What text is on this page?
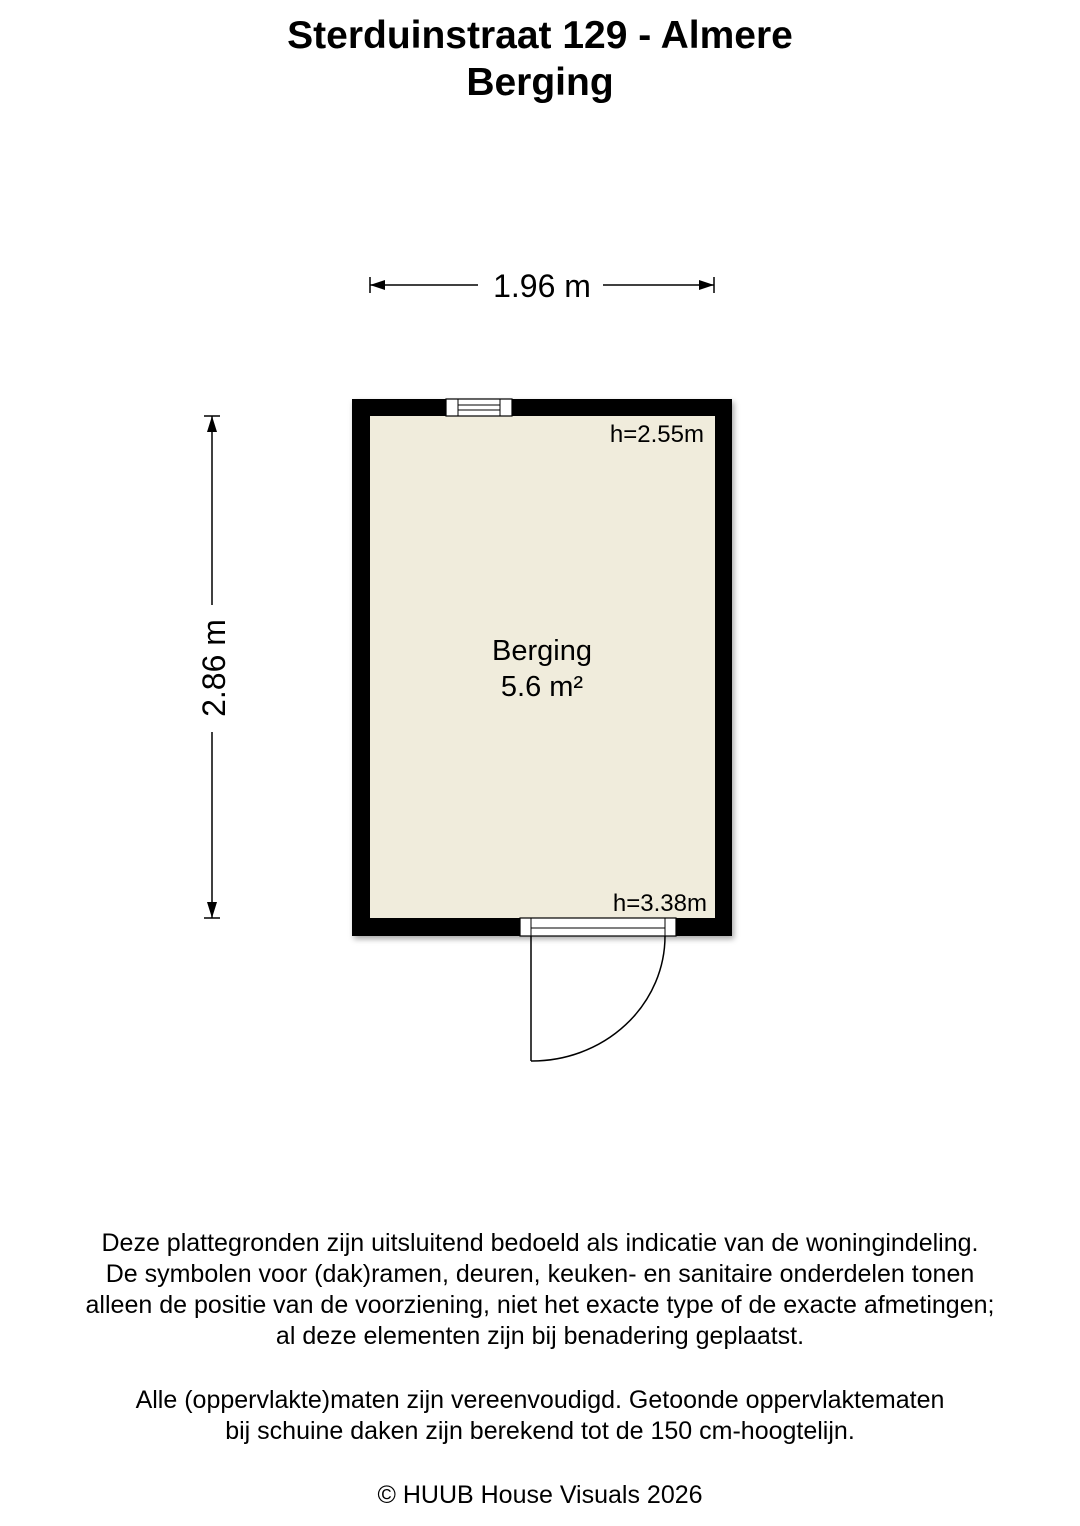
Sterduinstraat 129 - Almere
Berging
1.96 m
2.86 m	Berging
5.6 m²
h=2.55m
h=3.38m

Deze plattegronden zijn uitsluitend bedoeld als indicatie van de woningindeling.
De symbolen voor (dak)ramen, deuren, keuken- en sanitaire onderdelen tonen
alleen de positie van de voorziening, niet het exacte type of de exacte afmetingen;
al deze elementen zijn bij benadering geplaatst.

Alle (oppervlakte)maten zijn vereenvoudigd. Getoonde oppervlaktematen
bij schuine daken zijn berekend tot de 150 cm-hoogtelijn.

© HUUB House Visuals 2026
